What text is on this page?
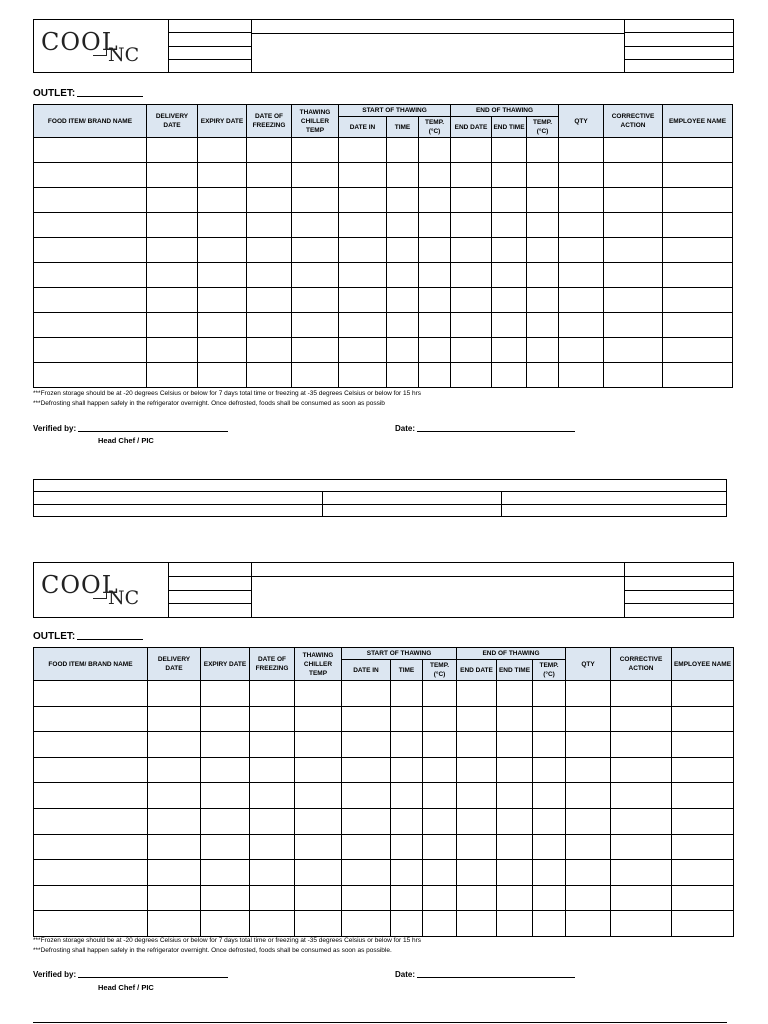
COOL
NC
OUTLET:
FOOD ITEM/ BRAND NAME	DELIVERY DATE	EXPIRY DATE	DATE OF FREEZING	THAWING CHILLER TEMP	START OF THAWING			END OF THAWING			QTY	CORRECTIVE ACTION	EMPLOYEE NAME
					DATE IN	TIME	TEMP. (°C)	END DATE	END TIME	TEMP. (°C)			

***Frozen storage should be at -20 degrees Celsius or below for 7 days total time or freezing at -35 degrees Celsius or below for 15 hrs
***Defrosting shall happen safely in the refrigerator overnight. Once defrosted, foods shall be consumed as soon as possib
Verified by:	Date:
Head Chef / PIC
COOL
NC
OUTLET:
FOOD ITEM/ BRAND NAME	DELIVERY DATE	EXPIRY DATE	DATE OF FREEZING	THAWING CHILLER TEMP	START OF THAWING			END OF THAWING			QTY	CORRECTIVE ACTION	EMPLOYEE NAME
					DATE IN	TIME	TEMP. (°C)	END DATE	END TIME	TEMP. (°C)			

***Frozen storage should be at -20 degrees Celsius or below for 7 days total time or freezing at -35 degrees Celsius or below for 15 hrs
***Defrosting shall happen safely in the refrigerator overnight. Once defrosted, foods shall be consumed as soon as possible.
Verified by:	Date:
Head Chef / PIC
